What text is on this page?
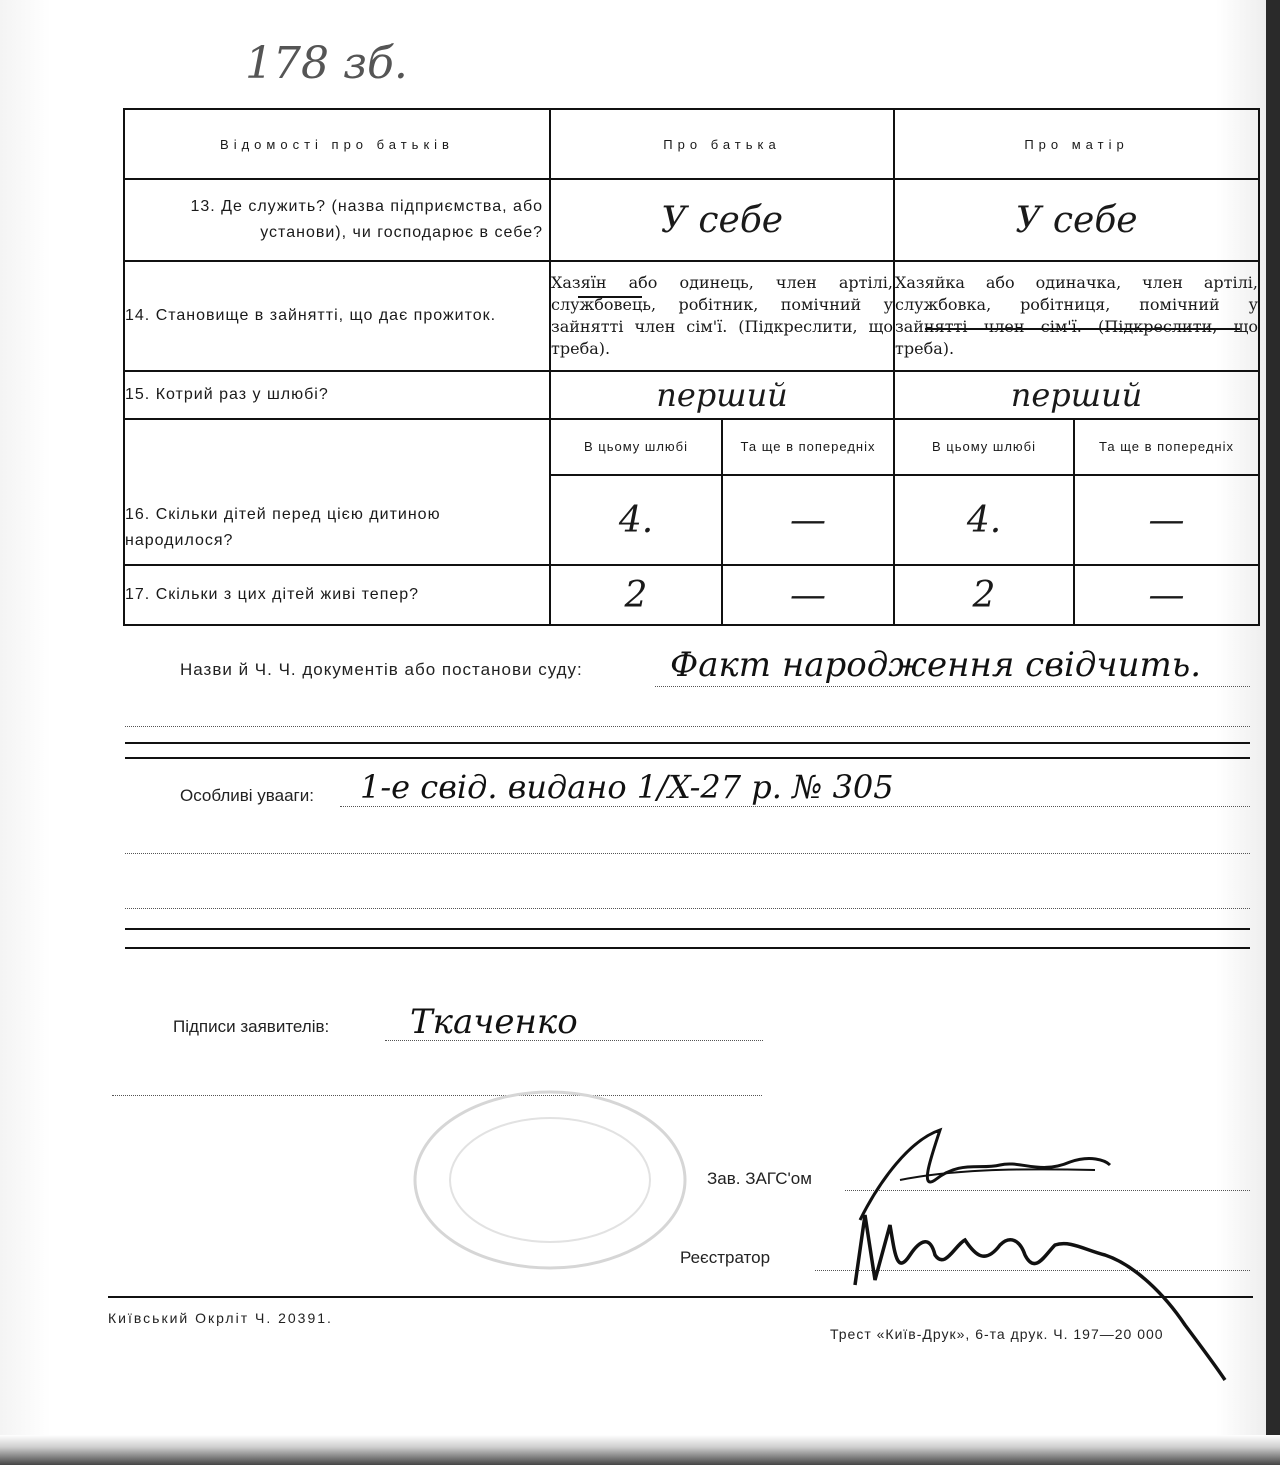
178 зб.
Відомості про батьків	Про батька		Про матір	
13. Де служить? (назва підприємства, або установи), чи господарює в себе?	У себе		У себе	
14. Становище в зайнятті, що дає прожиток.	Хазяїн або одинець, член артілі, службовець, робітник, помічний у зайнятті член сім'ї. (Підкреслити, що треба).		Хазяйка або одиначка, член артілі, службовка, робітниця, помічний у зайнятті член сім'ї. (Підкреслити, що треба).	
15. Котрий раз у шлюбі?	перший		перший	
16. Скільки дітей перед цією дитиною народилося?	В цьому шлюбі	Та ще в попередніх	В цьому шлюбі	Та ще в попередніх
	4.	—	4.	—
17. Скільки з цих дітей живі тепер?	2	—	2	—
Назви й Ч. Ч. документів або постанови суду:	Факт народження свідчить.
Особливі увааги: 1-е свід. видано 1/X-27 р. № 305
Підписи заявителів: Ткаченко
Зав. ЗАГС'ом
Реєстратор
Київський Окрліт Ч. 20391.
Трест «Київ-Друк», 6-та друк. Ч. 197—20 000
